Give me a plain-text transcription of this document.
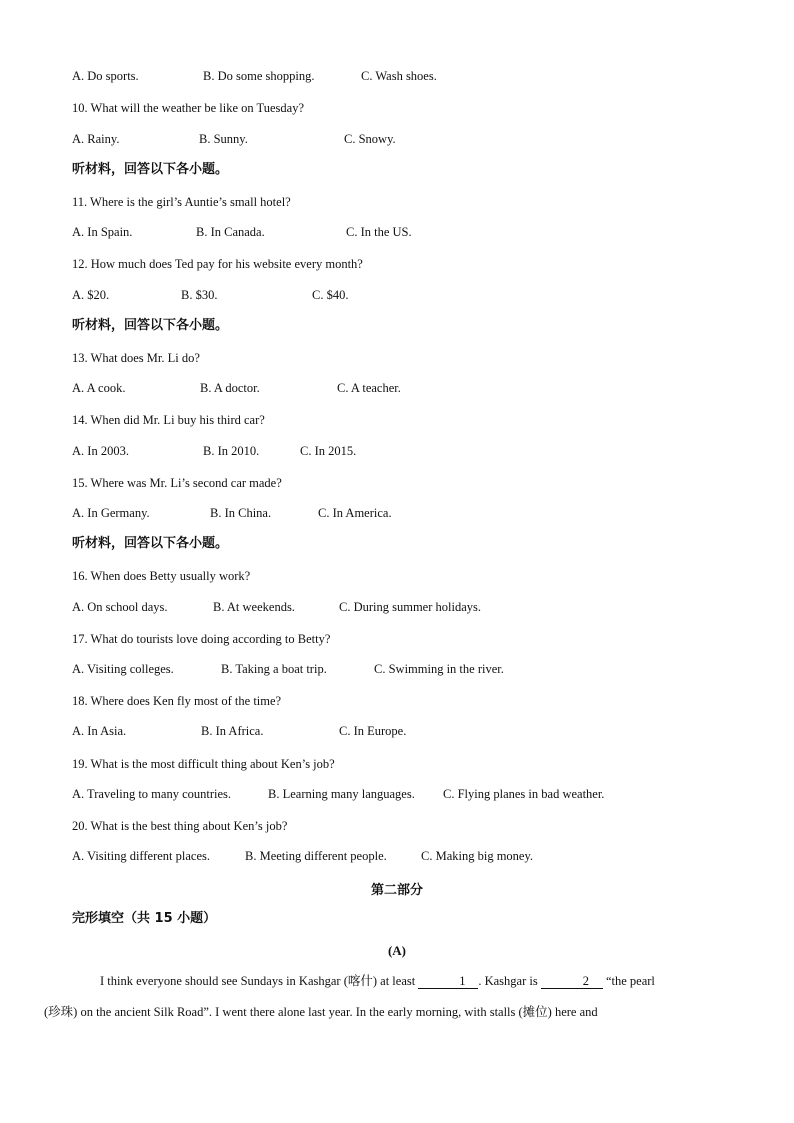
A. Do sports.	B. Do some shopping.	C. Wash shoes.
10. What will the weather be like on Tuesday?
A. Rainy.	B. Sunny.	C. Snowy.
听材料，回答以下各小题。
11. Where is the girl’s Auntie’s small hotel?
A. In Spain.	B. In Canada.	C. In the US.
12. How much does Ted pay for his website every month?
A. $20.	B. $30.	C. $40.
听材料，回答以下各小题。
13. What does Mr. Li do?
A. A cook.	B. A doctor.	C. A teacher.
14. When did Mr. Li buy his third car?
A. In 2003.	B. In 2010.	C. In 2015.
15. Where was Mr. Li’s second car made?
A. In Germany.	B. In China.	C. In America.
听材料，回答以下各小题。
16. When does Betty usually work?
A. On school days.	B. At weekends.	C. During summer holidays.
17. What do tourists love doing according to Betty?
A. Visiting colleges.	B. Taking a boat trip.	C. Swimming in the river.
18. Where does Ken fly most of the time?
A. In Asia.	B. In Africa.	C. In Europe.
19. What is the most difficult thing about Ken’s job?
A. Traveling to many countries.	B. Learning many languages. C. Flying planes in bad weather.
20. What is the best thing about Ken’s job?
A. Visiting different places.	B. Meeting different people.	C. Making big money.
第二部分
完形填空（共 15 小题）
(A)
I think everyone should see Sundays in Kashgar (喀什) at least	1 . Kashgar is	2 “the pearl
(珍珠) on the ancient Silk Road”. I went there alone last year. In the early morning, with stalls (摊位) here and
